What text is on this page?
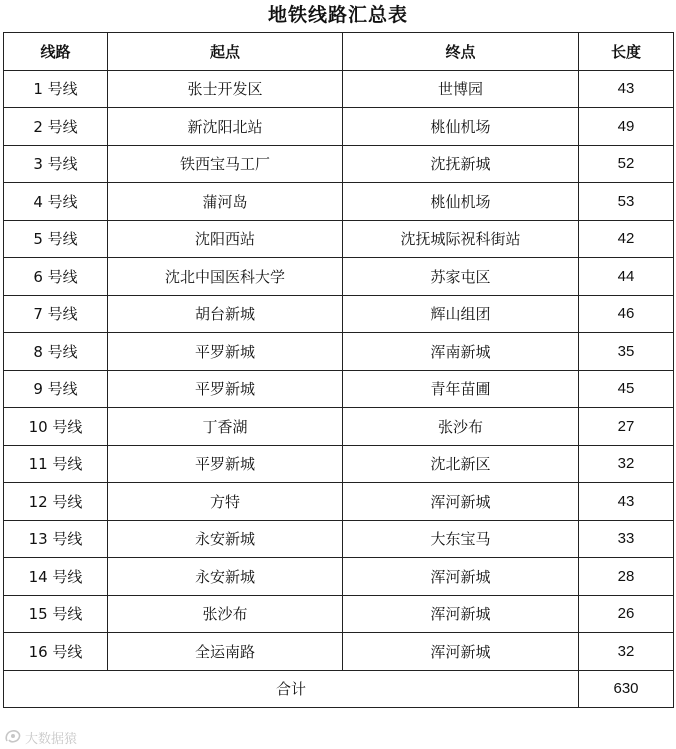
地铁线路汇总表
线路	起点	终点	长度
1 号线	张士开发区	世博园	43
2 号线	新沈阳北站	桃仙机场	49
3 号线	铁西宝马工厂	沈抚新城	52
4 号线	蒲河岛	桃仙机场	53
5 号线	沈阳西站	沈抚城际祝科街站	42
6 号线	沈北中国医科大学	苏家屯区	44
7 号线	胡台新城	辉山组团	46
8 号线	平罗新城	浑南新城	35
9 号线	平罗新城	青年苗圃	45
10 号线	丁香湖	张沙布	27
11 号线	平罗新城	沈北新区	32
12 号线	方特	浑河新城	43
13 号线	永安新城	大东宝马	33
14 号线	永安新城	浑河新城	28
15 号线	张沙布	浑河新城	26
16 号线	全运南路	浑河新城	32
合计			630
大数据猿
